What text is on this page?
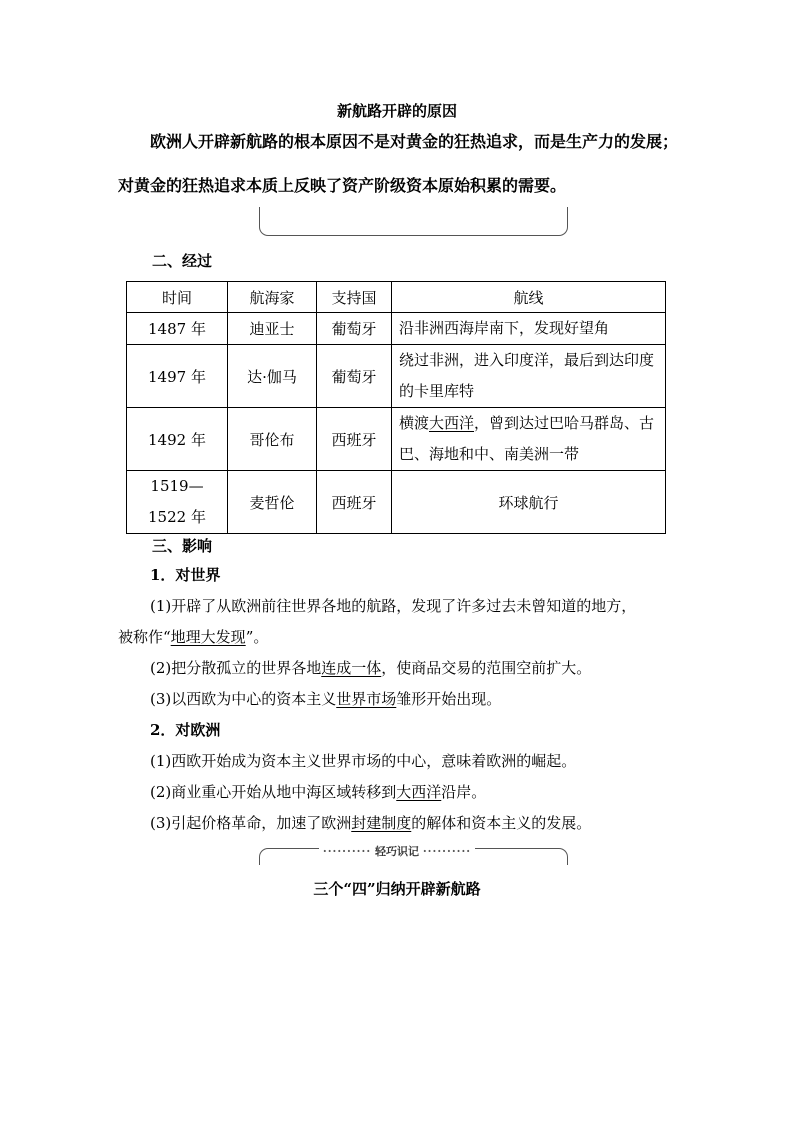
新航路开辟的原因

欧洲人开辟新航路的根本原因不是对黄金的狂热追求，而是生产力的发展；

对黄金的狂热追求本质上反映了资产阶级资本原始积累的需要。

二、经过
时间	航海家	支持国	航线
1487 年	迪亚士	葡萄牙	沿非洲西海岸南下，发现好望角
1497 年	达·伽马	葡萄牙	绕过非洲，进入印度洋，最后到达印度
的卡里库特

1492 年	哥伦布	西班牙	横渡大西洋，曾到达过巴哈马群岛、古
巴、海地和中、南美洲一带

1519—
1522 年	麦哲伦	西班牙	环球航行
三、影响
1．对世界
(1)开辟了从欧洲前往世界各地的航路，发现了许多过去未曾知道的地方，
被称作“地理大发现”。
(2)把分散孤立的世界各地连成一体，使商品交易的范围空前扩大。
(3)以西欧为中心的资本主义世界市场雏形开始出现。
2．对欧洲
(1)西欧开始成为资本主义世界市场的中心，意味着欧洲的崛起。
(2)商业重心开始从地中海区域转移到大西洋沿岸。
(3)引起价格革命，加速了欧洲封建制度的解体和资本主义的发展。
·········· 轻巧识记 ··········
三个“四”归纳开辟新航路
